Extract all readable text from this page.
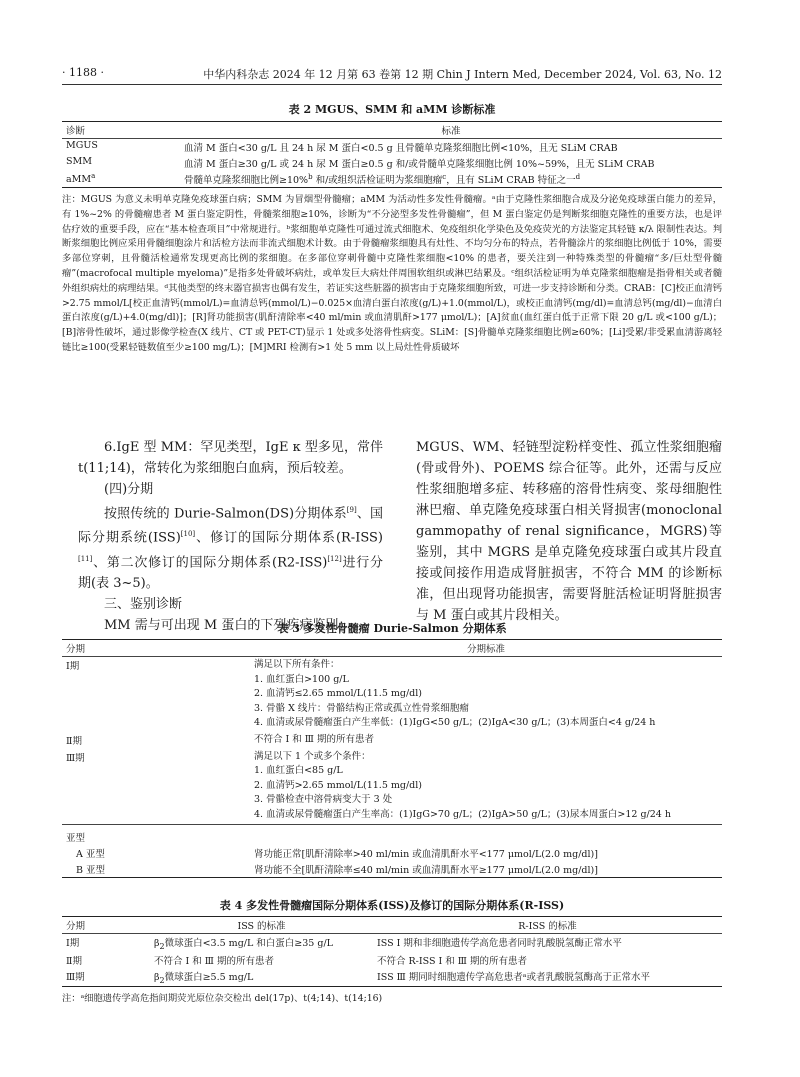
· 1188 ·	中华内科杂志 2024 年 12 月第 63 卷第 12 期 Chin J Intern Med, December 2024, Vol. 63, No. 12
表 2 MGUS、SMM 和 aMM 诊断标准
诊断	标准
MGUS	血清 M 蛋白<30 g/L 且 24 h 尿 M 蛋白<0.5 g 且骨髓单克隆浆细胞比例<10%，且无 SLiM CRAB
SMM	血清 M 蛋白≥30 g/L 或 24 h 尿 M 蛋白≥0.5 g 和/或骨髓单克隆浆细胞比例 10%~59%，且无 SLiM CRAB
aMM$^a$	骨髓单克隆浆细胞比例≥10%$^b$ 和/或组织活检证明为浆细胞瘤$^c$，且有 SLiM CRAB 特征之一$^d$
注：MGUS 为意义未明单克隆免疫球蛋白病；SMM 为冒烟型骨髓瘤；aMM 为活动性多发性骨髓瘤。ᵃ由于克隆性浆细胞合成及分泌免疫球蛋白能力的差异，有 1%~2% 的骨髓瘤患者 M 蛋白鉴定阴性，骨髓浆细胞≥10%，诊断为“不分泌型多发性骨髓瘤”，但 M 蛋白鉴定仍是判断浆细胞克隆性的重要方法，也是评估疗效的重要手段，应在“基本检查项目”中常规进行。ᵇ浆细胞单克隆性可通过流式细胞术、免疫组织化学染色及免疫荧光的方法鉴定其轻链 κ/λ 限制性表达。判断浆细胞比例应采用骨髓细胞涂片和活检方法而非流式细胞术计数。由于骨髓瘤浆细胞具有灶性、不均匀分布的特点，若骨髓涂片的浆细胞比例低于 10%，需要多部位穿刺，且骨髓活检通常发现更高比例的浆细胞。在多部位穿刺骨髓中克隆性浆细胞<10% 的患者，要关注到一种特殊类型的骨髓瘤“多/巨灶型骨髓瘤”(macrofocal multiple myeloma)”是指多处骨破坏病灶，或单发巨大病灶伴周围软组织或淋巴结累及。ᶜ组织活检证明为单克隆浆细胞瘤是指骨相关或者髓外组织病灶的病理结果。ᵈ其他类型的终末器官损害也偶有发生，若证实这些脏器的损害由于克隆浆细胞所致，可进一步支持诊断和分类。CRAB：[C]校正血清钙>2.75 mmol/L[校正血清钙(mmol/L)=血清总钙(mmol/L)−0.025×血清白蛋白浓度(g/L)+1.0(mmol/L)，或校正血清钙(mg/dl)=血清总钙(mg/dl)−血清白蛋白浓度(g/L)+4.0(mg/dl)]；[R]肾功能损害(肌酐清除率<40 ml/min 或血清肌酐>177 μmol/L)；[A]贫血(血红蛋白低于正常下限 20 g/L 或<100 g/L)；[B]溶骨性破坏，通过影像学检查(X 线片、CT 或 PET-CT)显示 1 处或多处溶骨性病变。SLiM：[S]骨髓单克隆浆细胞比例≥60%；[Li]受累/非受累血清游离轻链比≥100(受累轻链数值至少≥100 mg/L)；[M]MRI 检测有>1 处 5 mm 以上局灶性骨质破坏

6.IgE 型 MM：罕见类型，IgE κ 型多见，常伴 t(11;14)，常转化为浆细胞白血病，预后较差。

(四)分期

按照传统的 Durie-Salmon(DS)分期体系[9]、国际分期系统(ISS)[10]、修订的国际分期体系(R-ISS)[11]、第二次修订的国际分期体系(R2-ISS)[12]进行分期(表 3~5)。

三、鉴别诊断

MM 需与可出现 M 蛋白的下列疾病鉴别：

MGUS、WM、轻链型淀粉样变性、孤立性浆细胞瘤(骨或骨外)、POEMS 综合征等。此外，还需与反应性浆细胞增多症、转移癌的溶骨性病变、浆母细胞性淋巴瘤、单克隆免疫球蛋白相关肾损害(monoclonal gammopathy of renal significance，MGRS)等鉴别，其中 MGRS 是单克隆免疫球蛋白或其片段直接或间接作用造成肾脏损害，不符合 MM 的诊断标准，但出现肾功能损害，需要肾脏活检证明肾脏损害与 M 蛋白或其片段相关。

表 3 多发性骨髓瘤 Durie-Salmon 分期体系
分期	分期标准
Ⅰ期	满足以下所有条件：
1. 血红蛋白>100 g/L
2. 血清钙≤2.65 mmol/L(11.5 mg/dl)
3. 骨骼 X 线片：骨骼结构正常或孤立性骨浆细胞瘤
4. 血清或尿骨髓瘤蛋白产生率低：(1)IgG<50 g/L；(2)IgA<30 g/L；(3)本周蛋白<4 g/24 h

Ⅱ期	不符合 Ⅰ 和 Ⅲ 期的所有患者

Ⅲ期	满足以下 1 个或多个条件：
1. 血红蛋白<85 g/L
2. 血清钙>2.65 mmol/L(11.5 mg/dl)
3. 骨骼检查中溶骨病变大于 3 处
4. 血清或尿骨髓瘤蛋白产生率高：(1)IgG>70 g/L；(2)IgA>50 g/L；(3)尿本周蛋白>12 g/24 h

亚型	
A 亚型	肾功能正常[肌酐清除率>40 ml/min 或血清肌酐水平<177 μmol/L(2.0 mg/dl)]
B 亚型	肾功能不全[肌酐清除率≤40 ml/min 或血清肌酐水平≥177 μmol/L(2.0 mg/dl)]
表 4 多发性骨髓瘤国际分期体系(ISS)及修订的国际分期体系(R-ISS)
分期	ISS 的标准	R-ISS 的标准
Ⅰ期	$\beta_2$微球蛋白<3.5 mg/L 和白蛋白≥35 g/L	ISS Ⅰ 期和非细胞遗传学高危患者同时乳酸脱氢酶正常水平
Ⅱ期	不符合 Ⅰ 和 Ⅲ 期的所有患者	不符合 R-ISS Ⅰ 和 Ⅲ 期的所有患者
Ⅲ期	$\beta_2$微球蛋白≥5.5 mg/L	ISS Ⅲ 期同时细胞遗传学高危患者ᵃ或者乳酸脱氢酶高于正常水平
注：ᵃ细胞遗传学高危指间期荧光原位杂交检出 del(17p)、t(4;14)、t(14;16)
